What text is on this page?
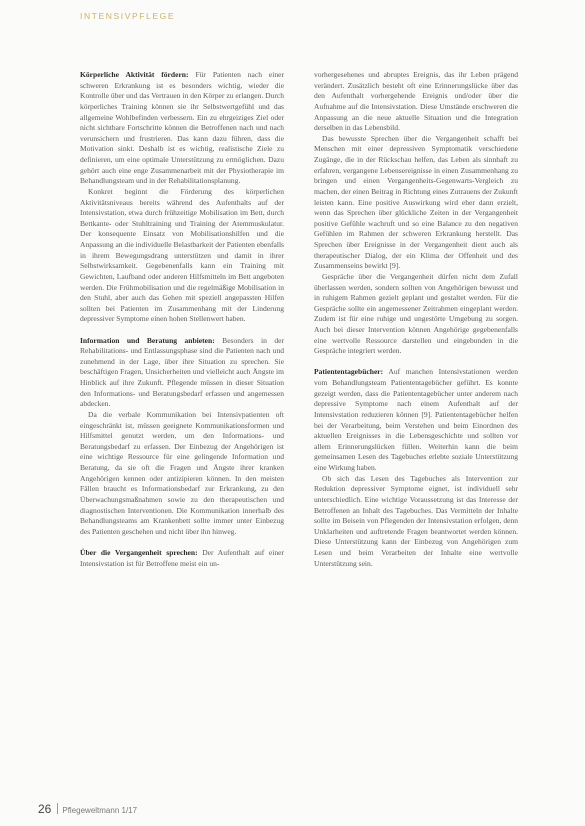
INTENSIVPFLEGE

Körperliche Aktivität fördern: Für Patienten nach einer schweren Erkrankung ist es besonders wichtig, wieder die Kontrolle über und das Vertrauen in den Körper zu erlangen. Durch körperliches Training können sie ihr Selbstwertgefühl und das allgemeine Wohlbefinden verbessern. Ein zu ehrgeiziges Ziel oder nicht sichtbare Fortschritte können die Betroffenen nach und nach verunsichern und frustrieren. Das kann dazu führen, dass die Motivation sinkt. Deshalb ist es wichtig, realistische Ziele zu definieren, um eine optimale Unterstützung zu ermöglichen. Dazu gehört auch eine enge Zusammenarbeit mit der Physiotherapie im Behandlungsteam und in der Rehabilitationsplanung.

Konkret beginnt die Förderung des körperlichen Aktivitätsniveaus bereits während des Aufenthalts auf der Intensivstation, etwa durch frühzeitige Mobilisation im Bett, durch Bettkante- oder Stuhltraining und Training der Atemmuskulatur. Der konsequente Einsatz von Mobilisationshilfen und die Anpassung an die individuelle Belastbarkeit der Patienten ebenfalls in ihrem Bewegungsdrang unterstützen und damit in ihrer Selbstwirksamkeit. Gegebenenfalls kann ein Training mit Gewichten, Laufband oder anderen Hilfsmitteln im Bett angeboten werden. Die Frühmobilisation und die regelmäßige Mobilisation in den Stuhl, aber auch das Gehen mit speziell angepassten Hilfen sollten bei Patienten im Zusammenhang mit der Linderung depressiver Symptome einen hohen Stellenwert haben.

Information und Beratung anbieten: Besonders in der Rehabilitations- und Entlassungsphase sind die Patienten nach und zunehmend in der Lage, über ihre Situation zu sprechen. Sie beschäftigen Fragen, Unsicherheiten und vielleicht auch Ängste im Hinblick auf ihre Zukunft. Pflegende müssen in dieser Situation den Informations- und Beratungsbedarf erfassen und angemessen abdecken.

Da die verbale Kommunikation bei Intensivpatienten oft eingeschränkt ist, müssen geeignete Kommunikationsformen und Hilfsmittel genutzt werden, um den Informations- und Beratungsbedarf zu erfassen. Der Einbezug der Angehörigen ist eine wichtige Ressource für eine gelingende Information und Beratung, da sie oft die Fragen und Ängste ihrer kranken Angehörigen kennen oder antizipieren können. In den meisten Fällen braucht es Informationsbedarf zur Erkrankung, zu den Überwachungsmaßnahmen sowie zu den therapeutischen und diagnostischen Interventionen. Die Kommunikation innerhalb des Behandlungsteams am Krankenbett sollte immer unter Einbezug des Patienten geschehen und nicht über ihn hinweg.

Über die Vergangenheit sprechen: Der Aufenthalt auf einer Intensivstation ist für Betroffene meist ein un-

vorhergesehenes und abruptes Ereignis, das ihr Leben prägend verändert. Zusätzlich besteht oft eine Erinnerungslücke über das den Aufenthalt vorhergehende Ereignis und/oder über die Aufnahme auf die Intensivstation. Diese Umstände erschweren die Anpassung an die neue aktuelle Situation und die Integration derselben in das Lebensbild.

Das bewusste Sprechen über die Vergangenheit schafft bei Menschen mit einer depressiven Symptomatik verschiedene Zugänge, die in der Rückschau helfen, das Leben als sinnhaft zu erfahren, vergangene Lebensereignisse in einen Zusammenhang zu bringen und einen Vergangenheits-Gegenwarts-Vergleich zu machen, der einen Beitrag in Richtung eines Zutrauens der Zukunft leisten kann. Eine positive Auswirkung wird eher dann erzielt, wenn das Sprechen über glückliche Zeiten in der Vergangenheit positive Gefühle wachruft und so eine Balance zu den negativen Gefühlen im Rahmen der schweren Erkrankung herstellt. Das Sprechen über Ereignisse in der Vergangenheit dient auch als therapeutischer Dialog, der ein Klima der Offenheit und des Zusammenseins bewirkt [9].

Gespräche über die Vergangenheit dürfen nicht dem Zufall überlassen werden, sondern sollten von Angehörigen bewusst und in ruhigem Rahmen gezielt geplant und gestaltet werden. Für die Gespräche sollte ein angemessener Zeitrahmen eingeplant werden. Zudem ist für eine ruhige und ungestörte Umgebung zu sorgen. Auch bei dieser Intervention können Angehörige gegebenenfalls eine wertvolle Ressource darstellen und eingebunden in die Gespräche integriert werden.

Patiententagebücher: Auf manchen Intensivstationen werden vom Behandlungsteam Patiententagebücher geführt. Es konnte gezeigt werden, dass die Patiententagebücher unter anderem nach depressive Symptome nach einem Aufenthalt auf der Intensivstation reduzieren können [9]. Patiententagebücher helfen bei der Verarbeitung, beim Verstehen und beim Einordnen des aktuellen Ereignisses in die Lebensgeschichte und sollten vor allem Erinnerungslücken füllen. Weiterhin kann die beim gemeinsamen Lesen des Tagebuches erlebte soziale Unterstützung eine Wirkung haben.

Ob sich das Lesen des Tagebuches als Intervention zur Reduktion depressiver Symptome eignet, ist individuell sehr unterschiedlich. Eine wichtige Voraussetzung ist das Interesse der Betroffenen an Inhalt des Tagebuches. Das Vermitteln der Inhalte sollte im Beisein von Pflegenden der Intensivstation erfolgen, denn Unklarheiten und auftretende Fragen beantwortet werden können. Diese Unterstützung kann der Einbezug von Angehörigen zum Lesen und beim Verarbeiten der Inhalte eine wertvolle Unterstützung sein.

26 Pflegeweltmann 1/17
